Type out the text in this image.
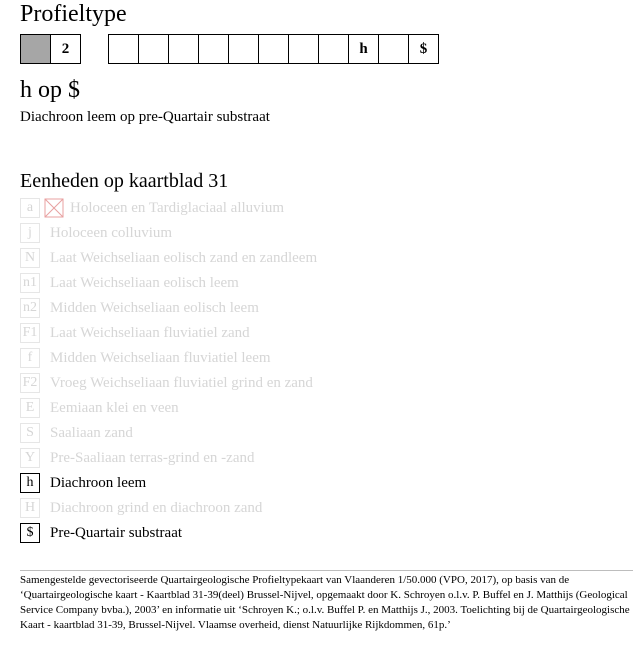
Profieltype
2	h	$
h op $
Diachroon leem op pre-Quartair substraat
Eenheden op kaartblad 31
a ☒ Holoceen en Tardiglaciaal alluvium
j	Holoceen colluvium
N Laat Weichseliaan eolisch zand en zandleem
n1 Laat Weichseliaan eolisch leem
n2 Midden Weichseliaan eolisch leem
F1 Laat Weichseliaan fluviatiel zand
f	Midden Weichseliaan fluviatiel leem
F2 Vroeg Weichseliaan fluviatiel grind en zand
E	Eemiaan klei en veen
S	Saaliaan zand
Y Pre-Saaliaan terras-grind en -zand
h	Diachroon leem
H Diachroon grind en diachroon zand
$	Pre-Quartair substraat
Samengestelde gevectoriseerde Quartairgeologische Profieltypekaart van Vlaanderen 1/50.000 (VPO, 2017), op basis van de ‘Quartairgeologische kaart - Kaartblad 31-39(deel) Brussel-Nijvel, opgemaakt door K. Schroyen o.l.v. P. Buffel en J. Matthijs (Geological Service Company bvba.), 2003’ en informatie uit ‘Schroyen K.; o.l.v. Buffel P. en Matthijs J., 2003. Toelichting bij de Quartairgeologische Kaart - kaartblad 31-39, Brussel-Nijvel. Vlaamse overheid, dienst Natuurlijke Rijkdommen, 61p.’
